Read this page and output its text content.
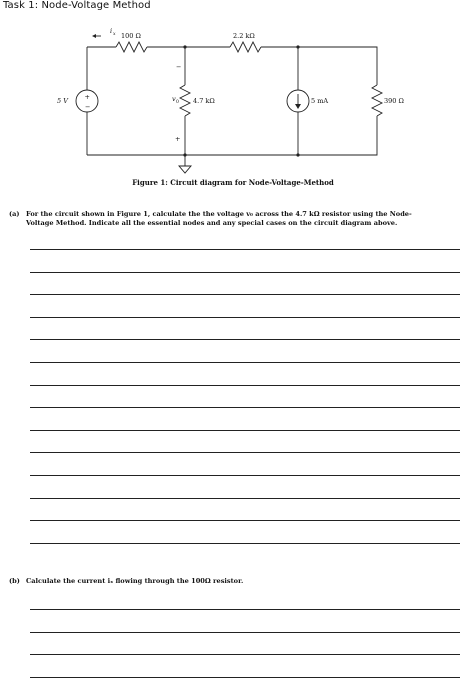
Task 1: Node-Voltage Method
+
−
5 V
100 Ω	2.2 kΩ
4.7 kΩ	390 Ω
5 mA
i x
v 0
−
+
Figure 1: Circuit diagram for Node-Voltage-Method
(a) For the circuit shown in Figure 1, calculate the the voltage v₀ across the 4.7 kΩ resistor using the Node-
Voltage Method. Indicate all the essential nodes and any special cases on the circuit diagram above.
(b) Calculate the current iₓ flowing through the 100Ω resistor.
